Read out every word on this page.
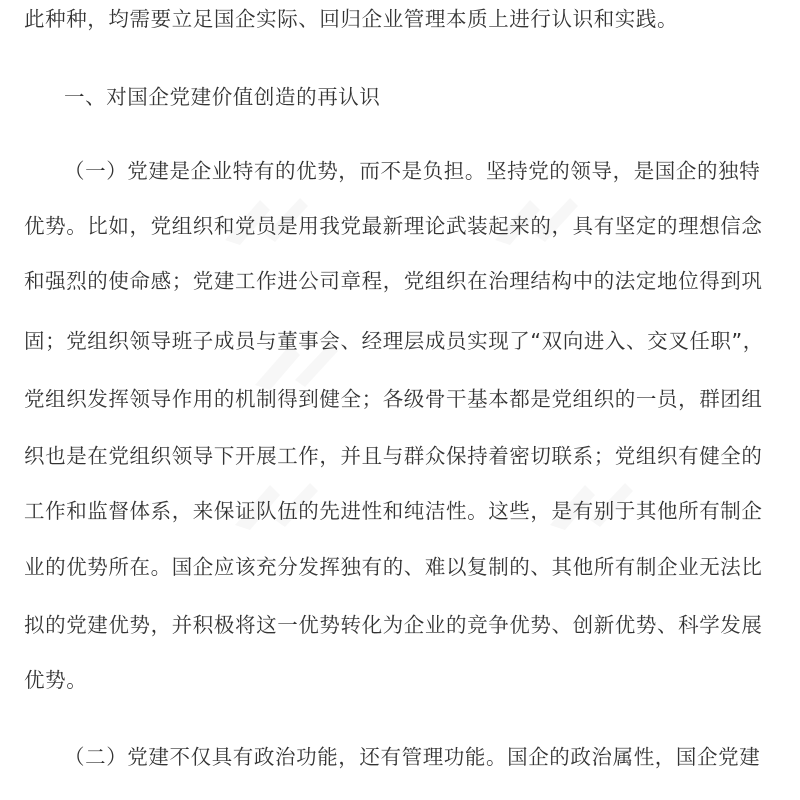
此种种，均需要立足国企实际、回归企业管理本质上进行认识和实践。
一、对国企党建价值创造的再认识
（一）党建是企业特有的优势，而不是负担。坚持党的领导，是国企的独特
优势。比如，党组织和党员是用我党最新理论武装起来的，具有坚定的理想信念
和强烈的使命感；党建工作进公司章程，党组织在治理结构中的法定地位得到巩
固；党组织领导班子成员与董事会、经理层成员实现了“双向进入、交叉任职”，
党组织发挥领导作用的机制得到健全；各级骨干基本都是党组织的一员，群团组
织也是在党组织领导下开展工作，并且与群众保持着密切联系；党组织有健全的
工作和监督体系，来保证队伍的先进性和纯洁性。这些，是有别于其他所有制企
业的优势所在。国企应该充分发挥独有的、难以复制的、其他所有制企业无法比
拟的党建优势，并积极将这一优势转化为企业的竞争优势、创新优势、科学发展
优势。
（二）党建不仅具有政治功能，还有管理功能。国企的政治属性，国企党建
